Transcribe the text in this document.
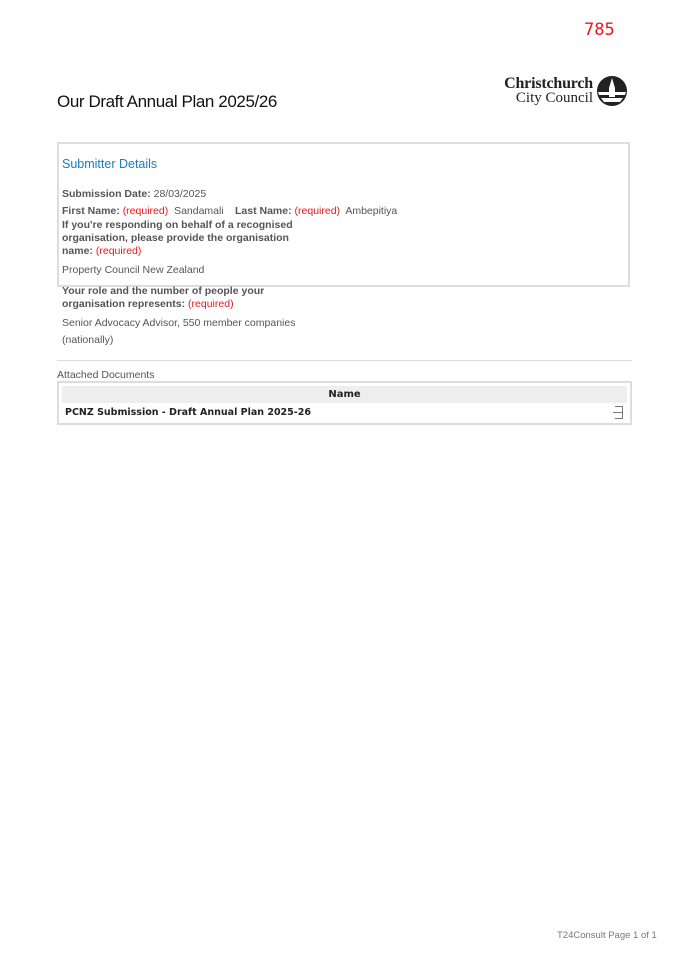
785
Our Draft Annual Plan 2025/26
Christchurch
City Council
Submitter Details
Submission Date: 28/03/2025
First Name: (required) Sandamali Last Name: (required) Ambepitiya
If you're responding on behalf of a recognised
organisation, please provide the organisation
name: (required)
Property Council New Zealand
Your role and the number of people your
organisation represents: (required)
Senior Advocacy Advisor, 550 member companies
(nationally)
Attached Documents
Name
PCNZ Submission - Draft Annual Plan 2025-26
T24Consult Page 1 of 1
